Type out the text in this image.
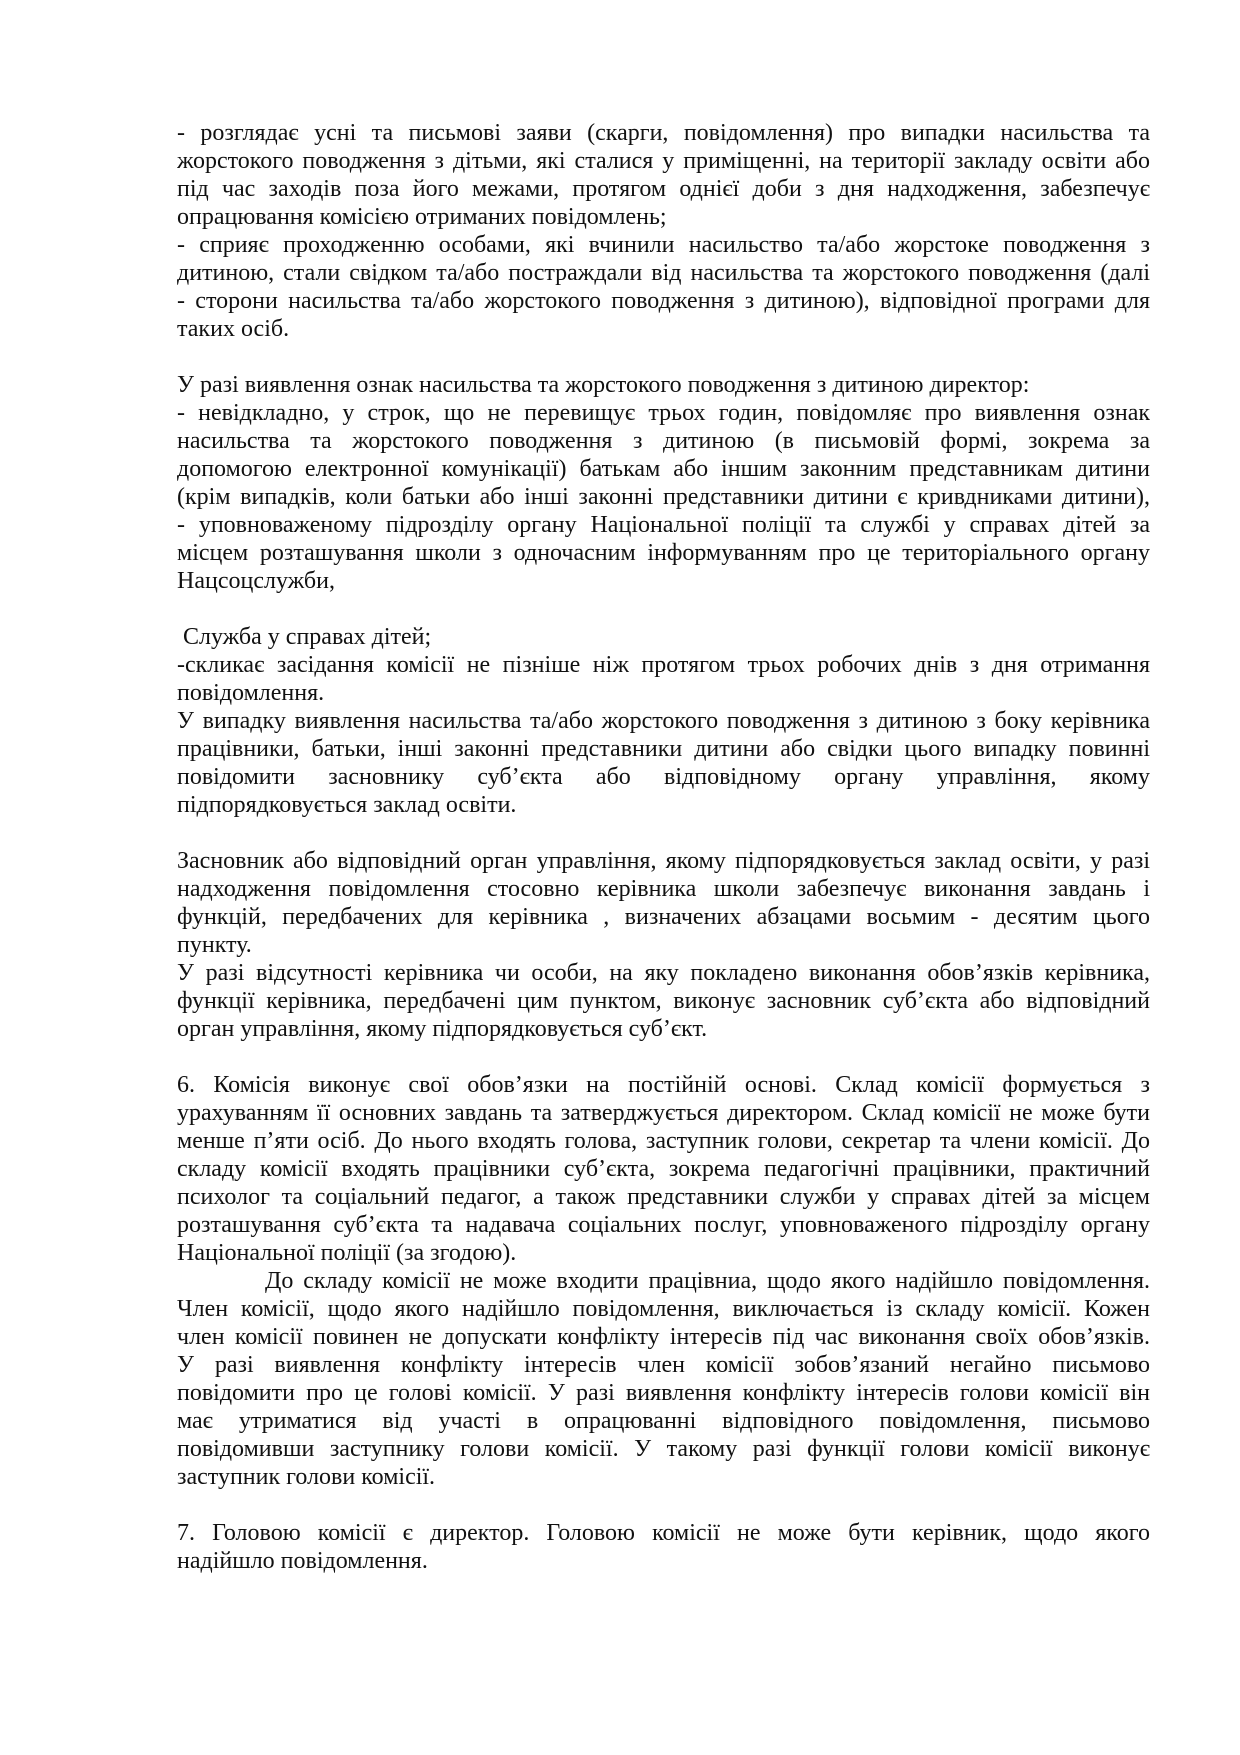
- розглядає усні та письмові заяви (скарги, повідомлення) про випадки насильства та
жорстокого поводження з дітьми, які сталися у приміщенні, на території закладу освіти або
під час заходів поза його межами, протягом однієї доби з дня надходження, забезпечує
опрацювання комісією отриманих повідомлень;
- сприяє проходженню особами, які вчинили насильство та/або жорстоке поводження з
дитиною, стали свідком та/або постраждали від насильства та жорстокого поводження (далі
- сторони насильства та/або жорстокого поводження з дитиною), відповідної програми для
таких осіб.
У разі виявлення ознак насильства та жорстокого поводження з дитиною директор:
- невідкладно, у строк, що не перевищує трьох годин, повідомляє про виявлення ознак
насильства та жорстокого поводження з дитиною (в письмовій формі, зокрема за
допомогою електронної комунікації) батькам або іншим законним представникам дитини
(крім випадків, коли батьки або інші законні представники дитини є кривдниками дитини),
- уповноваженому підрозділу органу Національної поліції та службі у справах дітей за
місцем розташування школи з одночасним інформуванням про це територіального органу
Нацсоцслужби,
Служба у справах дітей;
-скликає засідання комісії не пізніше ніж протягом трьох робочих днів з дня отримання
повідомлення.
У випадку виявлення насильства та/або жорстокого поводження з дитиною з боку керівника
працівники, батьки, інші законні представники дитини або свідки цього випадку повинні
повідомити засновнику суб’єкта або відповідному органу управління, якому
підпорядковується заклад освіти.
Засновник або відповідний орган управління, якому підпорядковується заклад освіти, у разі
надходження повідомлення стосовно керівника школи забезпечує виконання завдань і
функцій, передбачених для керівника , визначених абзацами восьмим - десятим цього
пункту.
У разі відсутності керівника чи особи, на яку покладено виконання обов’язків керівника,
функції керівника, передбачені цим пунктом, виконує засновник суб’єкта або відповідний
орган управління, якому підпорядковується суб’єкт.
6. Комісія виконує свої обов’язки на постійній основі. Склад комісії формується з
урахуванням її основних завдань та затверджується директором. Склад комісії не може бути
менше п’яти осіб. До нього входять голова, заступник голови, секретар та члени комісії. До
складу комісії входять працівники суб’єкта, зокрема педагогічні працівники, практичний
психолог та соціальний педагог, а також представники служби у справах дітей за місцем
розташування суб’єкта та надавача соціальних послуг, уповноваженого підрозділу органу
Національної поліції (за згодою).
До складу комісії не може входити працівниа, щодо якого надійшло повідомлення.
Член комісії, щодо якого надійшло повідомлення, виключається із складу комісії. Кожен
член комісії повинен не допускати конфлікту інтересів під час виконання своїх обов’язків.
У разі виявлення конфлікту інтересів член комісії зобов’язаний негайно письмово
повідомити про це голові комісії. У разі виявлення конфлікту інтересів голови комісії він
має утриматися від участі в опрацюванні відповідного повідомлення, письмово
повідомивши заступнику голови комісії. У такому разі функції голови комісії виконує
заступник голови комісії.
7. Головою комісії є директор. Головою комісії не може бути керівник, щодо якого
надійшло повідомлення.
